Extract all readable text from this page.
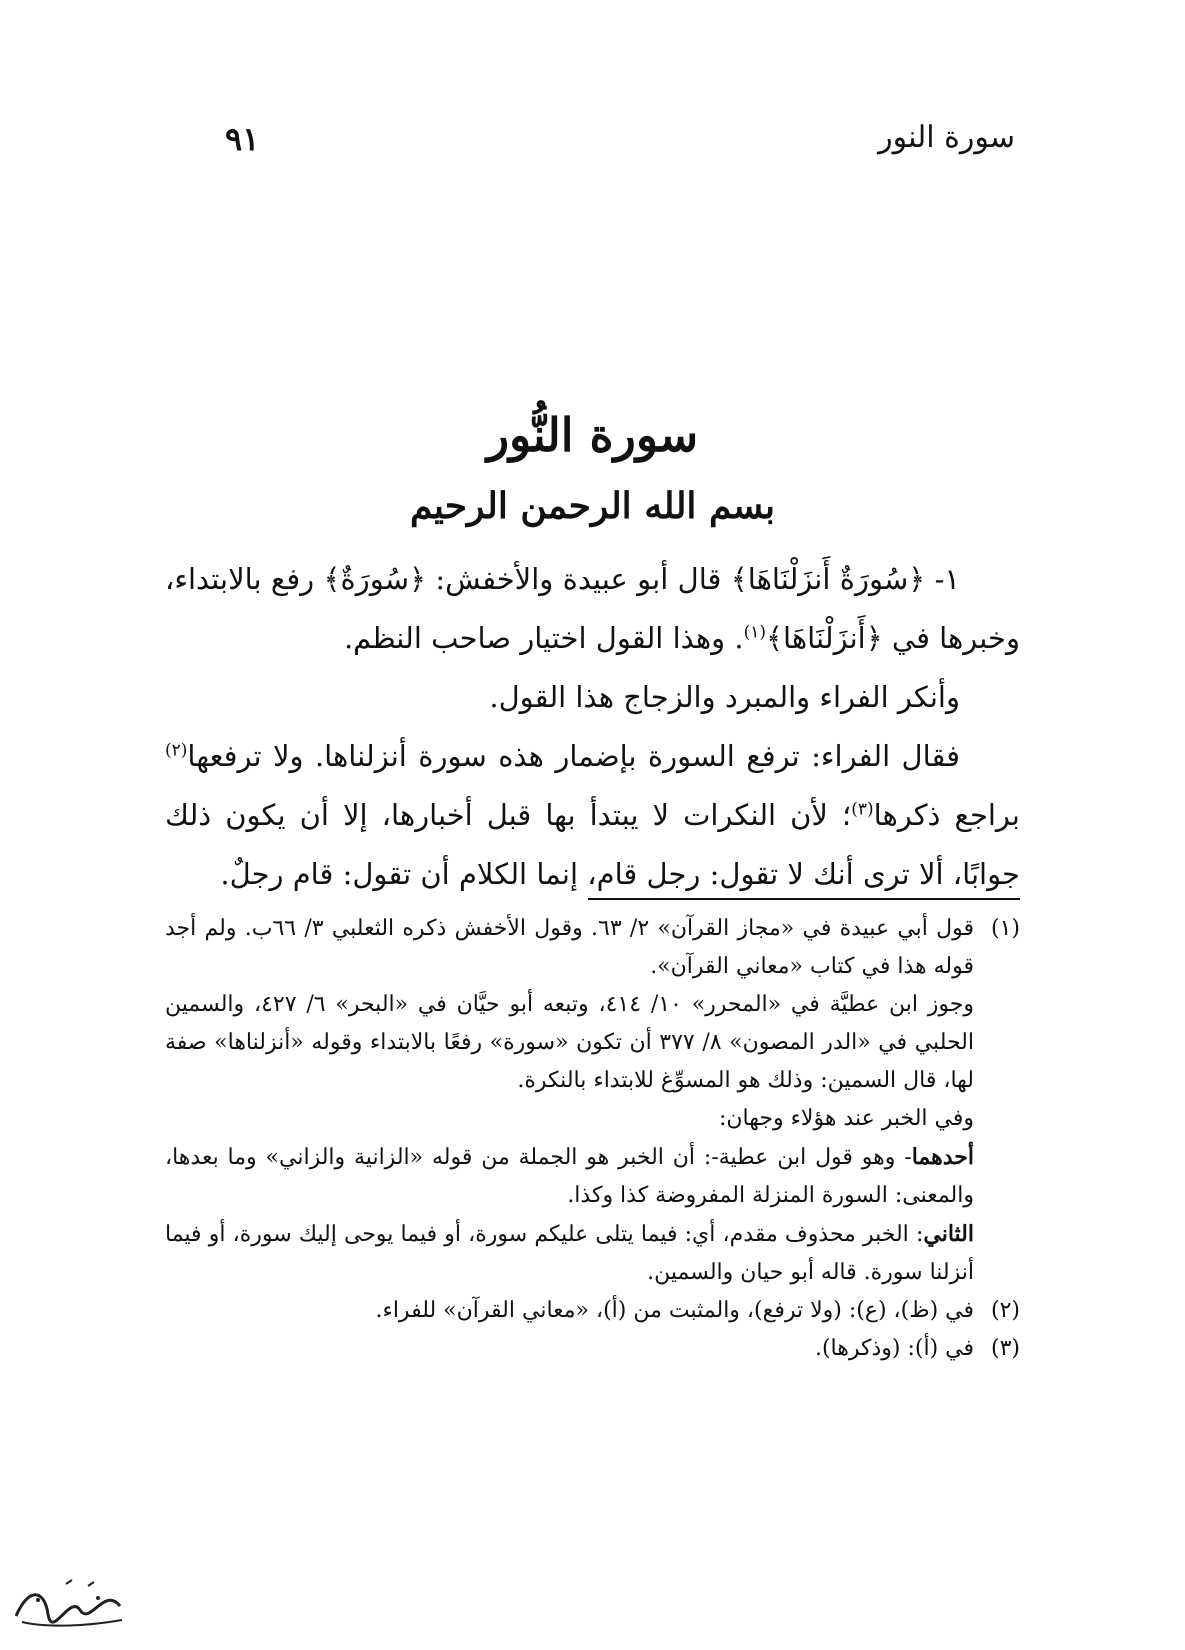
سورة النور
٩١
سورة النُّور
بسم الله الرحمن الرحيم

١- ﴿سُورَةٌ أَنزَلْنَاهَا﴾ قال أبو عبيدة والأخفش: ﴿سُورَةٌ﴾ رفع بالابتداء، وخبرها في ﴿أَنزَلْنَاهَا﴾$^{(١)}$. وهذا القول اختيار صاحب النظم.

وأنكر الفراء والمبرد والزجاج هذا القول.

فقال الفراء: ترفع السورة بإضمار هذه سورة أنزلناها. ولا ترفعها$^{(٢)}$ براجع ذكرها$^{(٣)}$؛ لأن النكرات لا يبتدأ بها قبل أخبارها، إلا أن يكون ذلك جوابًا، ألا ترى أنك لا تقول: رجل قام، إنما الكلام أن تقول: قام رجلٌ.

(١)

قول أبي عبيدة في «مجاز القرآن» ٢/ ٦٣. وقول الأخفش ذكره الثعلبي ٣/ ٦٦ب. ولم أجد قوله هذا في كتاب «معاني القرآن».

وجوز ابن عطيَّة في «المحرر» ١٠/ ٤١٤، وتبعه أبو حيَّان في «البحر» ٦/ ٤٢٧، والسمين الحلبي في «الدر المصون» ٨/ ٣٧٧ أن تكون «سورة» رفعًا بالابتداء وقوله «أنزلناها» صفة لها، قال السمين: وذلك هو المسوِّغ للابتداء بالنكرة.

وفي الخبر عند هؤلاء وجهان:

أحدهما- وهو قول ابن عطية-: أن الخبر هو الجملة من قوله «الزانية والزاني» وما بعدها، والمعنى: السورة المنزلة المفروضة كذا وكذا.

الثاني: الخبر محذوف مقدم، أي: فيما يتلى عليكم سورة، أو فيما يوحى إليك سورة، أو فيما أنزلنا سورة. قاله أبو حيان والسمين.

(٢)
في (ظ)، (ع): (ولا ترفع)، والمثبت من (أ)، «معاني القرآن» للفراء.
(٣)
في (أ): (وذكرها).
